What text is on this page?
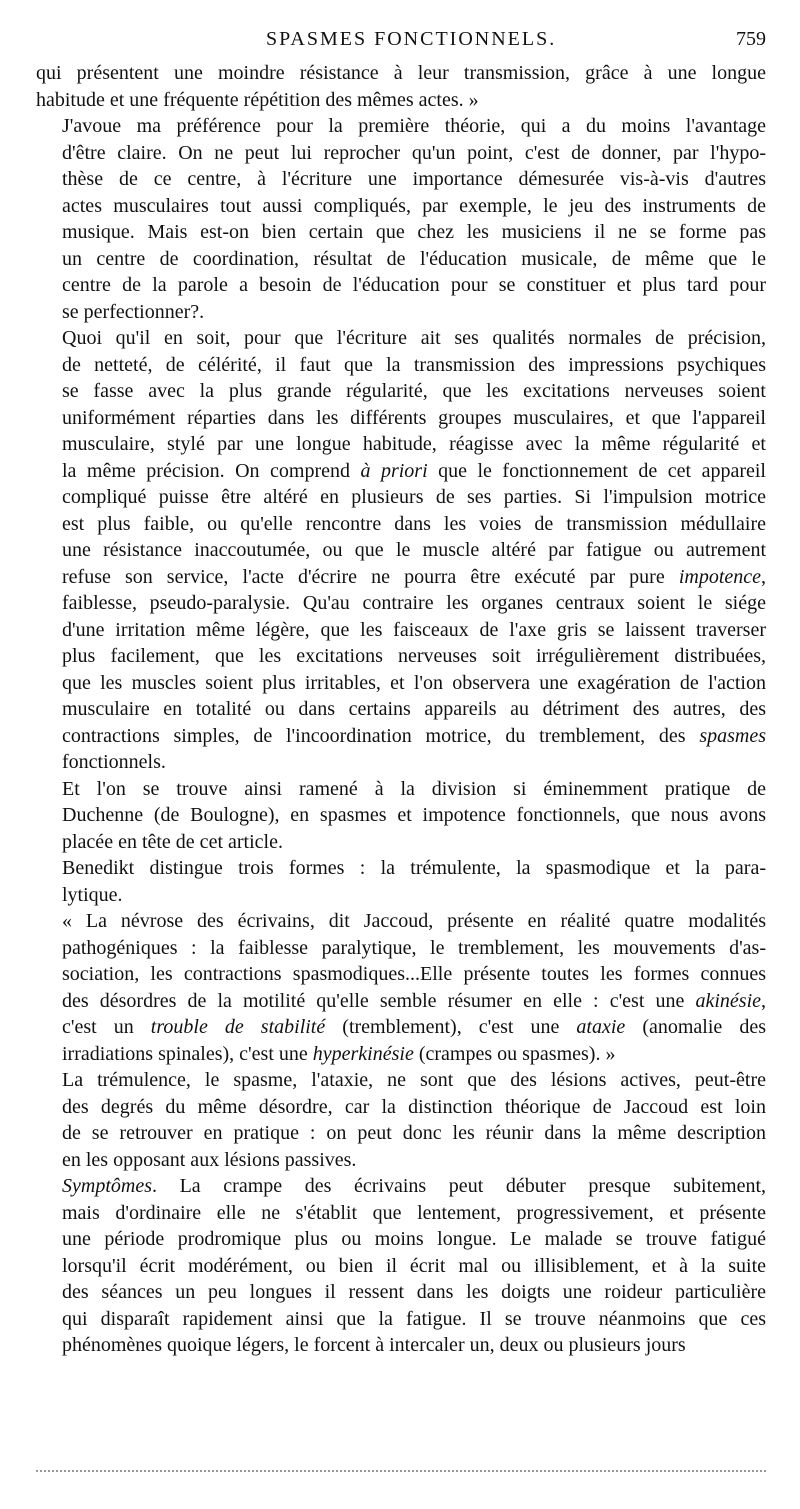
SPASMES FONCTIONNELS.	759

qui présentent une moindre résistance à leur transmission, grâce à une longue
habitude et une fréquente répétition des mêmes actes. »

J'avoue ma préférence pour la première théorie, qui a du moins l'avantage
d'être claire. On ne peut lui reprocher qu'un point, c'est de donner, par l'hypo-
thèse de ce centre, à l'écriture une importance démesurée vis-à-vis d'autres
actes musculaires tout aussi compliqués, par exemple, le jeu des instruments de
musique. Mais est-on bien certain que chez les musiciens il ne se forme pas
un centre de coordination, résultat de l'éducation musicale, de même que le
centre de la parole a besoin de l'éducation pour se constituer et plus tard pour
se perfectionner?.

Quoi qu'il en soit, pour que l'écriture ait ses qualités normales de précision,
de netteté, de célérité, il faut que la transmission des impressions psychiques
se fasse avec la plus grande régularité, que les excitations nerveuses soient
uniformément réparties dans les différents groupes musculaires, et que l'appareil
musculaire, stylé par une longue habitude, réagisse avec la même régularité et
la même précision. On comprend à priori que le fonctionnement de cet appareil
compliqué puisse être altéré en plusieurs de ses parties. Si l'impulsion motrice
est plus faible, ou qu'elle rencontre dans les voies de transmission médullaire
une résistance inaccoutumée, ou que le muscle altéré par fatigue ou autrement
refuse son service, l'acte d'écrire ne pourra être exécuté par pure impotence,
faiblesse, pseudo-paralysie. Qu'au contraire les organes centraux soient le siége
d'une irritation même légère, que les faisceaux de l'axe gris se laissent traverser
plus facilement, que les excitations nerveuses soit irrégulièrement distribuées,
que les muscles soient plus irritables, et l'on observera une exagération de l'action
musculaire en totalité ou dans certains appareils au détriment des autres, des
contractions simples, de l'incoordination motrice, du tremblement, des spasmes
fonctionnels.

Et l'on se trouve ainsi ramené à la division si éminemment pratique de
Duchenne (de Boulogne), en spasmes et impotence fonctionnels, que nous avons
placée en tête de cet article.

Benedikt distingue trois formes : la trémulente, la spasmodique et la para-
lytique.

« La névrose des écrivains, dit Jaccoud, présente en réalité quatre modalités
pathogéniques : la faiblesse paralytique, le tremblement, les mouvements d'as-
sociation, les contractions spasmodiques...Elle présente toutes les formes connues
des désordres de la motilité qu'elle semble résumer en elle : c'est une akinésie,
c'est un trouble de stabilité (tremblement), c'est une ataxie (anomalie des
irradiations spinales), c'est une hyperkinésie (crampes ou spasmes). »

La trémulence, le spasme, l'ataxie, ne sont que des lésions actives, peut-être
des degrés du même désordre, car la distinction théorique de Jaccoud est loin
de se retrouver en pratique : on peut donc les réunir dans la même description
en les opposant aux lésions passives.

Symptômes. La crampe des écrivains peut débuter presque subitement,
mais d'ordinaire elle ne s'établit que lentement, progressivement, et présente
une période prodromique plus ou moins longue. Le malade se trouve fatigué
lorsqu'il écrit modérément, ou bien il écrit mal ou illisiblement, et à la suite
des séances un peu longues il ressent dans les doigts une roideur particulière
qui disparaît rapidement ainsi que la fatigue. Il se trouve néanmoins que ces
phénomènes quoique légers, le forcent à intercaler un, deux ou plusieurs jours
